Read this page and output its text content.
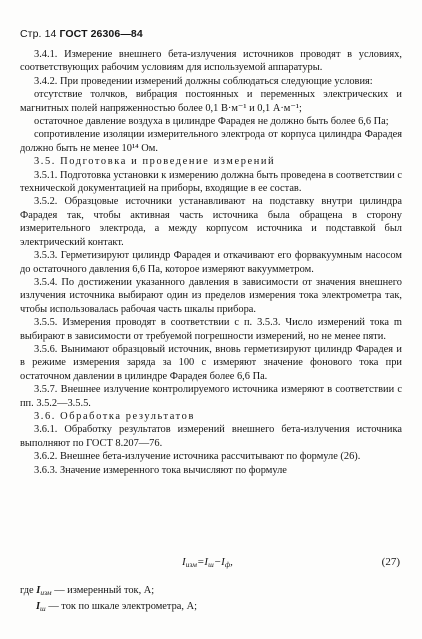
Стр. 14 ГОСТ 26306—84

3.4.1. Измерение внешнего бета-излучения источников проводят в условиях, соответствующих рабочим условиям для используемой аппаратуры.

3.4.2. При проведении измерений должны соблюдаться следующие условия:

отсутствие толчков, вибрация постоянных и переменных электрических и магнитных полей напряженностью более 0,1 В·м⁻¹ и 0,1 А·м⁻¹;

остаточное давление воздуха в цилиндре Фарадея не должно быть более 6,6 Па;

сопротивление изоляции измерительного электрода от корпуса цилиндра Фарадея должно быть не менее 10¹⁴ Ом.

3.5. Подготовка и проведение измерений

3.5.1. Подготовка установки к измерению должна быть проведена в соответствии с технической документацией на приборы, входящие в ее состав.

3.5.2. Образцовые источники устанавливают на подставку внутри цилиндра Фарадея так, чтобы активная часть источника была обращена в сторону измерительного электрода, а между корпусом источника и подставкой был электрический контакт.

3.5.3. Герметизируют цилиндр Фарадея и откачивают его форвакуумным насосом до остаточного давления 6,6 Па, которое измеряют вакуумметром.

3.5.4. По достижении указанного давления в зависимости от значения внешнего излучения источника выбирают один из пределов измерения тока электрометра так, чтобы использовалась рабочая часть шкалы прибора.

3.5.5. Измерения проводят в соответствии с п. 3.5.3. Число измерений тока m выбирают в зависимости от требуемой погрешности измерений, но не менее пяти.

3.5.6. Вынимают образцовый источник, вновь герметизируют цилиндр Фарадея и в режиме измерения заряда за 100 с измеряют значение фонового тока при остаточном давлении в цилиндре Фарадея более 6,6 Па.

3.5.7. Внешнее излучение контролируемого источника измеряют в соответствии с пп. 3.5.2—3.5.5.

3.6. Обработка результатов

3.6.1. Обработку результатов измерений внешнего бета-излучения источника выполняют по ГОСТ 8.207—76.

3.6.2. Внешнее бета-излучение источника рассчитывают по формуле (26).

3.6.3. Значение измеренного тока вычисляют по формуле

$I_{изм}=I_ш-I_ф$,	(27)
где $I_{изм}$ — измеренный ток, А;
$I_ш$ — ток по шкале электрометра, А;
